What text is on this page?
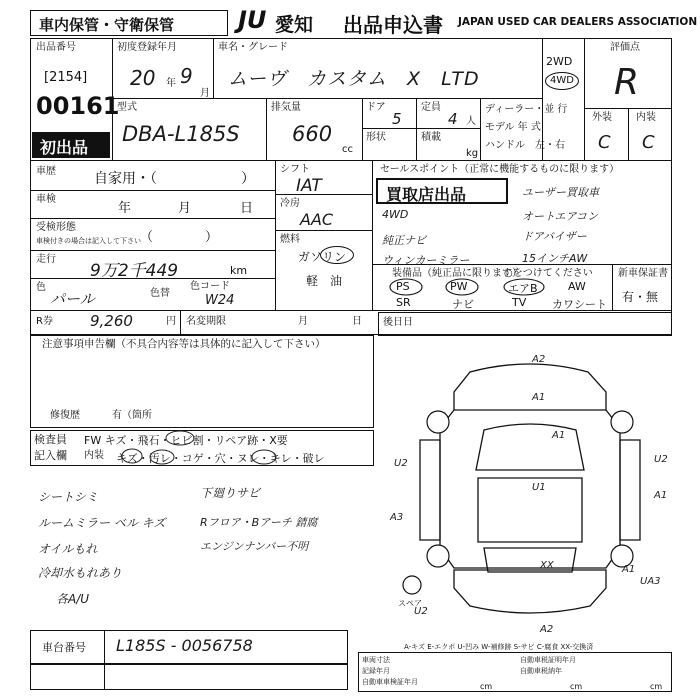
車内保管・守衛保管	JU 愛知 出品申込書 JAPAN USED CAR DEALERS ASSOCIATION
出品番号
[2154]
00161
初出品
初度登録年月
20 年 9
月
車名・グレード
ムーヴ　カスタム　X　LTD
2WD
4WD
評価点
R
型式
DBA-L185S
排気量
660
cc
ドア
5
形状
定員
4 人
積載
kg
ディーラー・並 行
モデル 年 式
ハンドル　左・右
外装 内装
C C
車歴	自家用・（　　　　　　）
車検
年	月	日
受検形態
車検付きの場合は記入して下さい （　　　　）
走行
9万2千449	km
色
パール	色替
色コード
W24
シフト
IAT
冷房
AAC
燃料
ガソリン
軽　油
セールスポイント（正常に機能するものに限ります）
買取店出品
4WD
ユーザー買取車
純正ナビ
オートエアコン
ウィンカーミラー
ドアバイザー
15インチAW
装備品（純正品に限ります）
○をつけてください
PS	PW	エアB	AW
SR	ナビ	TV カワシート
新車保証書
有・無
R券 9,260	円 名変期限	月	日
注意事項申告欄（不具合内容等は具体的に記入して下さい）
修復歴	有（箇所
後日日
検査員
記入欄
FW キズ・飛石・ヒビ割・リペア跡・X要
内装 キズ・汚レ・コゲ・穴・ヌレ・キレ・破レ
シートシミ
ルームミラー ベル キズ
オイルもれ
冷却水もれあり
各A/U
下廻りサビ
Rフロア・Bアーチ 錆腐
エンジンナンバー不明
A2
A1
A1
U1
U2
A3
U2
A1
XX	A1
UA3
A2
U2
スペア
A-キズ E-エクボ U-凹み W-補修跡 S-サビ C-腐食 XX-交換済
車台番号 L185S - 0056758
車両寸法
記録年月
自動車車検証年月
自動車税証明年月
自動車税納年
cm	cm	cm
